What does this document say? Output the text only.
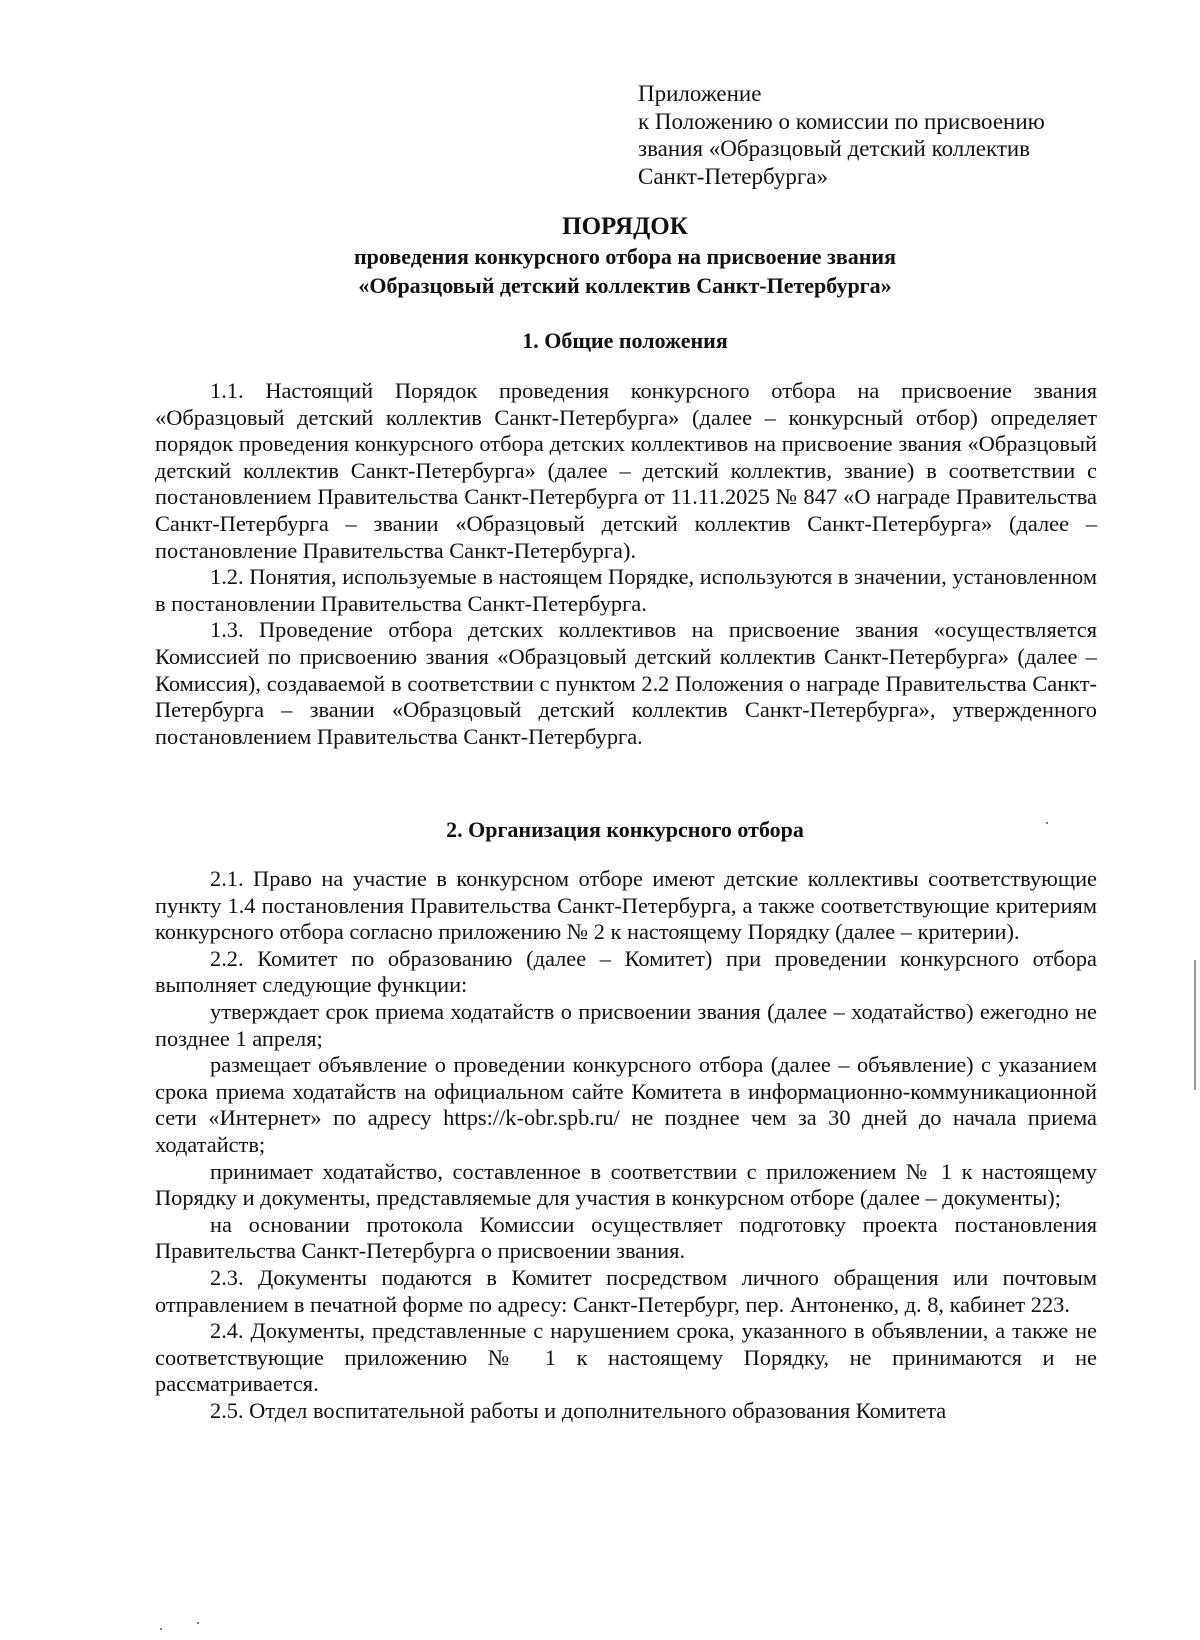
Приложение
к Положению о комиссии по присвоению
звания «Образцовый детский коллектив
Санкт-Петербурга»
ПОРЯДОК
проведения конкурсного отбора на присвоение звания
«Образцовый детский коллектив Санкт-Петербурга»
1. Общие положения

1.1. Настоящий Порядок проведения конкурсного отбора на присвоение звания «Образцовый детский коллектив Санкт-Петербурга» (далее – конкурсный отбор) определяет порядок проведения конкурсного отбора детских коллективов на присвоение звания «Образцовый детский коллектив Санкт-Петербурга» (далее – детский коллектив, звание) в соответствии с постановлением Правительства Санкт-Петербурга от 11.11.2025 № 847 «О награде Правительства Санкт-Петербурга – звании «Образцовый детский коллектив Санкт-Петербурга» (далее – постановление Правительства Санкт-Петербурга).

1.2. Понятия, используемые в настоящем Порядке, используются в значении, установленном в постановлении Правительства Санкт-Петербурга.

1.3. Проведение отбора детских коллективов на присвоение звания «осуществляется Комиссией по присвоению звания «Образцовый детский коллектив Санкт-Петербурга» (далее – Комиссия), создаваемой в соответствии с пунктом 2.2 Положения о награде Правительства Санкт-Петербурга – звании «Образцовый детский коллектив Санкт-Петербурга», утвержденного постановлением Правительства Санкт-Петербурга.

2. Организация конкурсного отбора

2.1. Право на участие в конкурсном отборе имеют детские коллективы соответствующие пункту 1.4 постановления Правительства Санкт-Петербурга, а также соответствующие критериям конкурсного отбора согласно приложению № 2 к настоящему Порядку (далее – критерии).

2.2. Комитет по образованию (далее – Комитет) при проведении конкурсного отбора выполняет следующие функции:

утверждает срок приема ходатайств о присвоении звания (далее – ходатайство) ежегодно не позднее 1 апреля;

размещает объявление о проведении конкурсного отбора (далее – объявление) с указанием срока приема ходатайств на официальном сайте Комитета в информационно-коммуникационной сети «Интернет» по адресу https://k-obr.spb.ru/ не позднее чем за 30 дней до начала приема ходатайств;

принимает ходатайство, составленное в соответствии с приложением № 1 к настоящему Порядку и документы, представляемые для участия в конкурсном отборе (далее – документы);

на основании протокола Комиссии осуществляет подготовку проекта постановления Правительства Санкт-Петербурга о присвоении звания.

2.3. Документы подаются в Комитет посредством личного обращения или почтовым отправлением в печатной форме по адресу: Санкт-Петербург, пер. Антоненко, д. 8, кабинет 223.

2.4. Документы, представленные с нарушением срока, указанного в объявлении, а также не соответствующие приложению № 1 к настоящему Порядку, не принимаются и не рассматривается.

2.5. Отдел воспитательной работы и дополнительного образования Комитета
